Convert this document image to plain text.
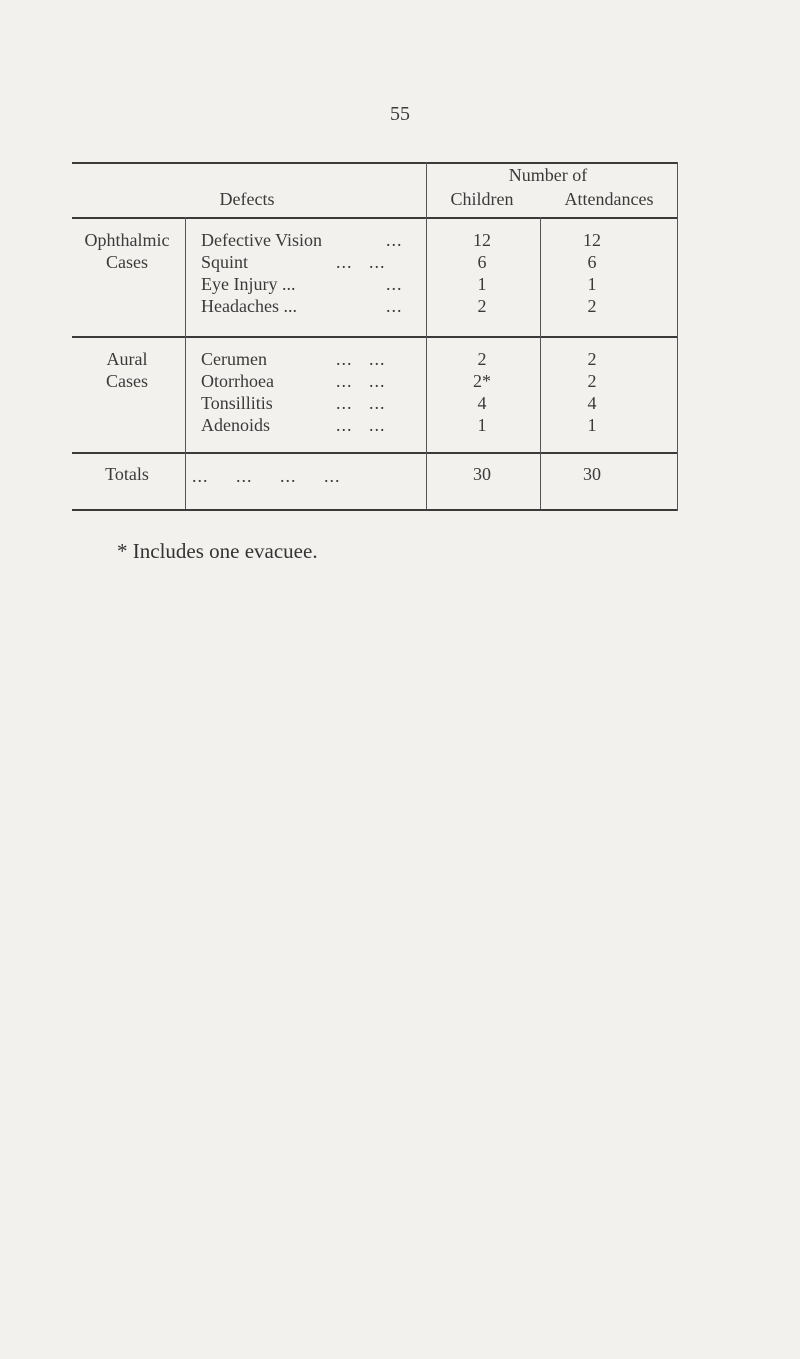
55
Defects
Number of
Children	Attendances
Ophthalmic
Cases
Defective Vision	...	12	12
Squint	...   ...	6	6
Eye Injury ...	...	1	1
Headaches ...	...	2	2
Aural
Cases
Cerumen	...   ...	2	2
Otorrhoea	...   ...	2*	2
Tonsillitis	...   ...	4	4
Adenoids	...   ...	1	1
Totals	...     ...     ...     ...	30	30
* Includes one evacuee.
